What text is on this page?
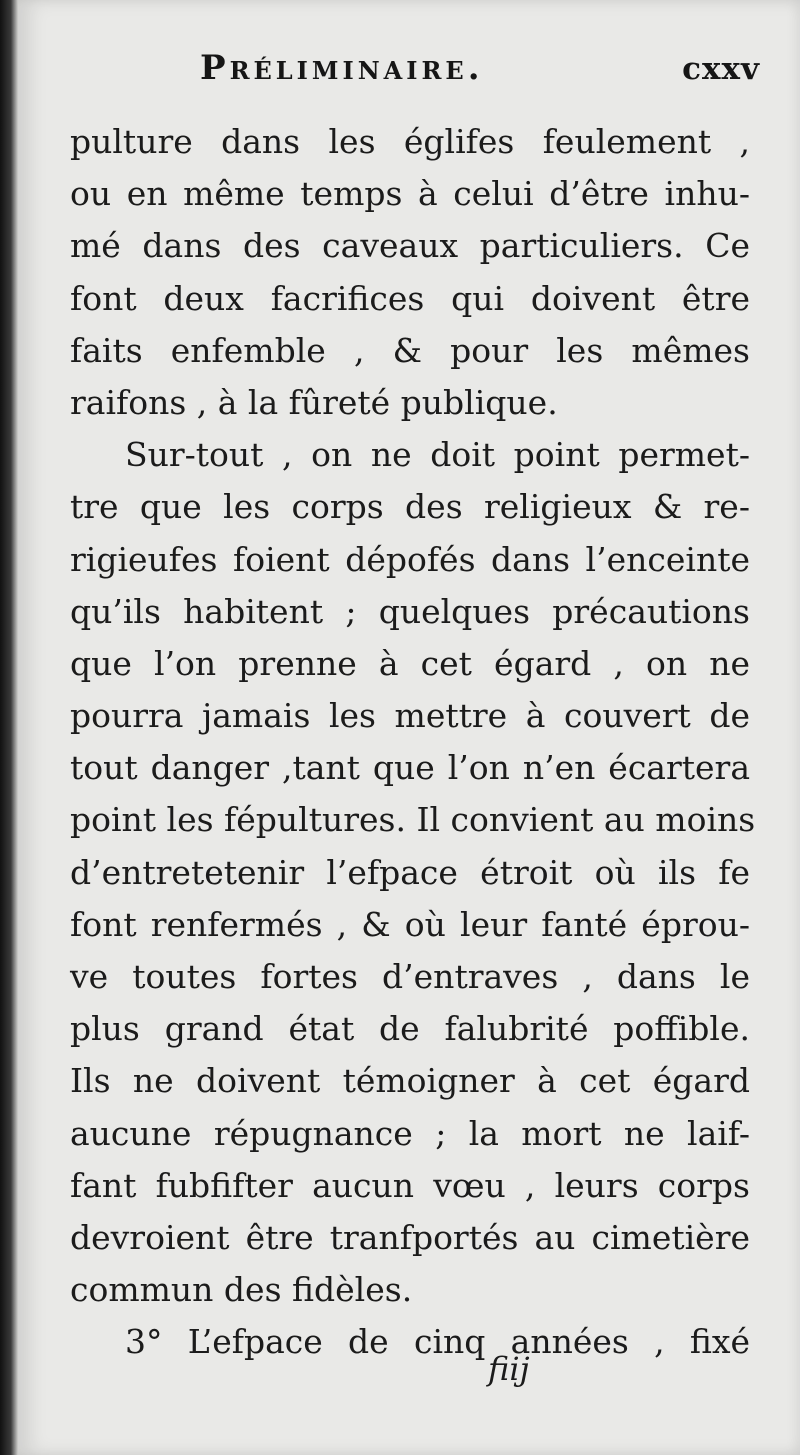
Préliminaire.	cxxv
pulture dans les églifes feulement ,
ou en même temps à celui d’être inhu-
mé dans des caveaux particuliers. Ce
font deux facrifices qui doivent être
faits enfemble , & pour les mêmes
raifons , à la fûreté publique.
Sur-tout , on ne doit point permet-
tre que les corps des religieux & re-
rigieufes foient dépofés dans l’enceinte
qu’ils habitent ; quelques précautions
que l’on prenne à cet égard , on ne
pourra jamais les mettre à couvert de
tout danger ,tant que l’on n’en écartera
point les fépultures. Il convient au moins
d’entretetenir l’efpace étroit où ils fe
font renfermés , & où leur fanté éprou-
ve toutes fortes d’entraves , dans le
plus grand état de falubrité poffible.
Ils ne doivent témoigner à cet égard
aucune répugnance ; la mort ne laif-
fant fubfifter aucun vœu , leurs corps
devroient être tranfportés au cimetière
commun des fidèles.
3° L’efpace de cinq années , fixé
fiij
